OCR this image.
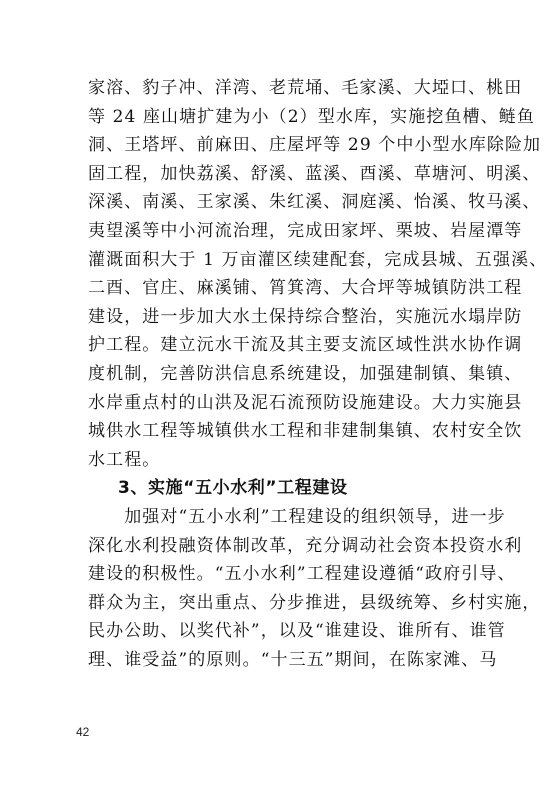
家溶、豹子冲、洋湾、老荒埇、毛家溪、大埡口、桃田
等 24 座山塘扩建为小（2）型水库，实施挖鱼槽、鲢鱼
洞、王塔坪、前麻田、庄屋坪等 29 个中小型水库除险加
固工程，加快荔溪、舒溪、蓝溪、酉溪、草塘河、明溪、
深溪、南溪、王家溪、朱红溪、洞庭溪、怡溪、牧马溪、
夷望溪等中小河流治理，完成田家坪、栗坡、岩屋潭等
灌溉面积大于 1 万亩灌区续建配套，完成县城、五强溪、
二酉、官庄、麻溪铺、筲箕湾、大合坪等城镇防洪工程
建设，进一步加大水土保持综合整治，实施沅水塌岸防
护工程。建立沅水干流及其主要支流区域性洪水协作调
度机制，完善防洪信息系统建设，加强建制镇、集镇、
水岸重点村的山洪及泥石流预防设施建设。大力实施县
城供水工程等城镇供水工程和非建制集镇、农村安全饮
水工程。
3、实施“五小水利”工程建设
　　加强对“五小水利”工程建设的组织领导，进一步
深化水利投融资体制改革，充分调动社会资本投资水利
建设的积极性。“五小水利”工程建设遵循“政府引导、
群众为主，突出重点、分步推进，县级统筹、乡村实施，
民办公助、以奖代补”，以及“谁建设、谁所有、谁管
理、谁受益”的原则。“十三五”期间，在陈家滩、马
42
